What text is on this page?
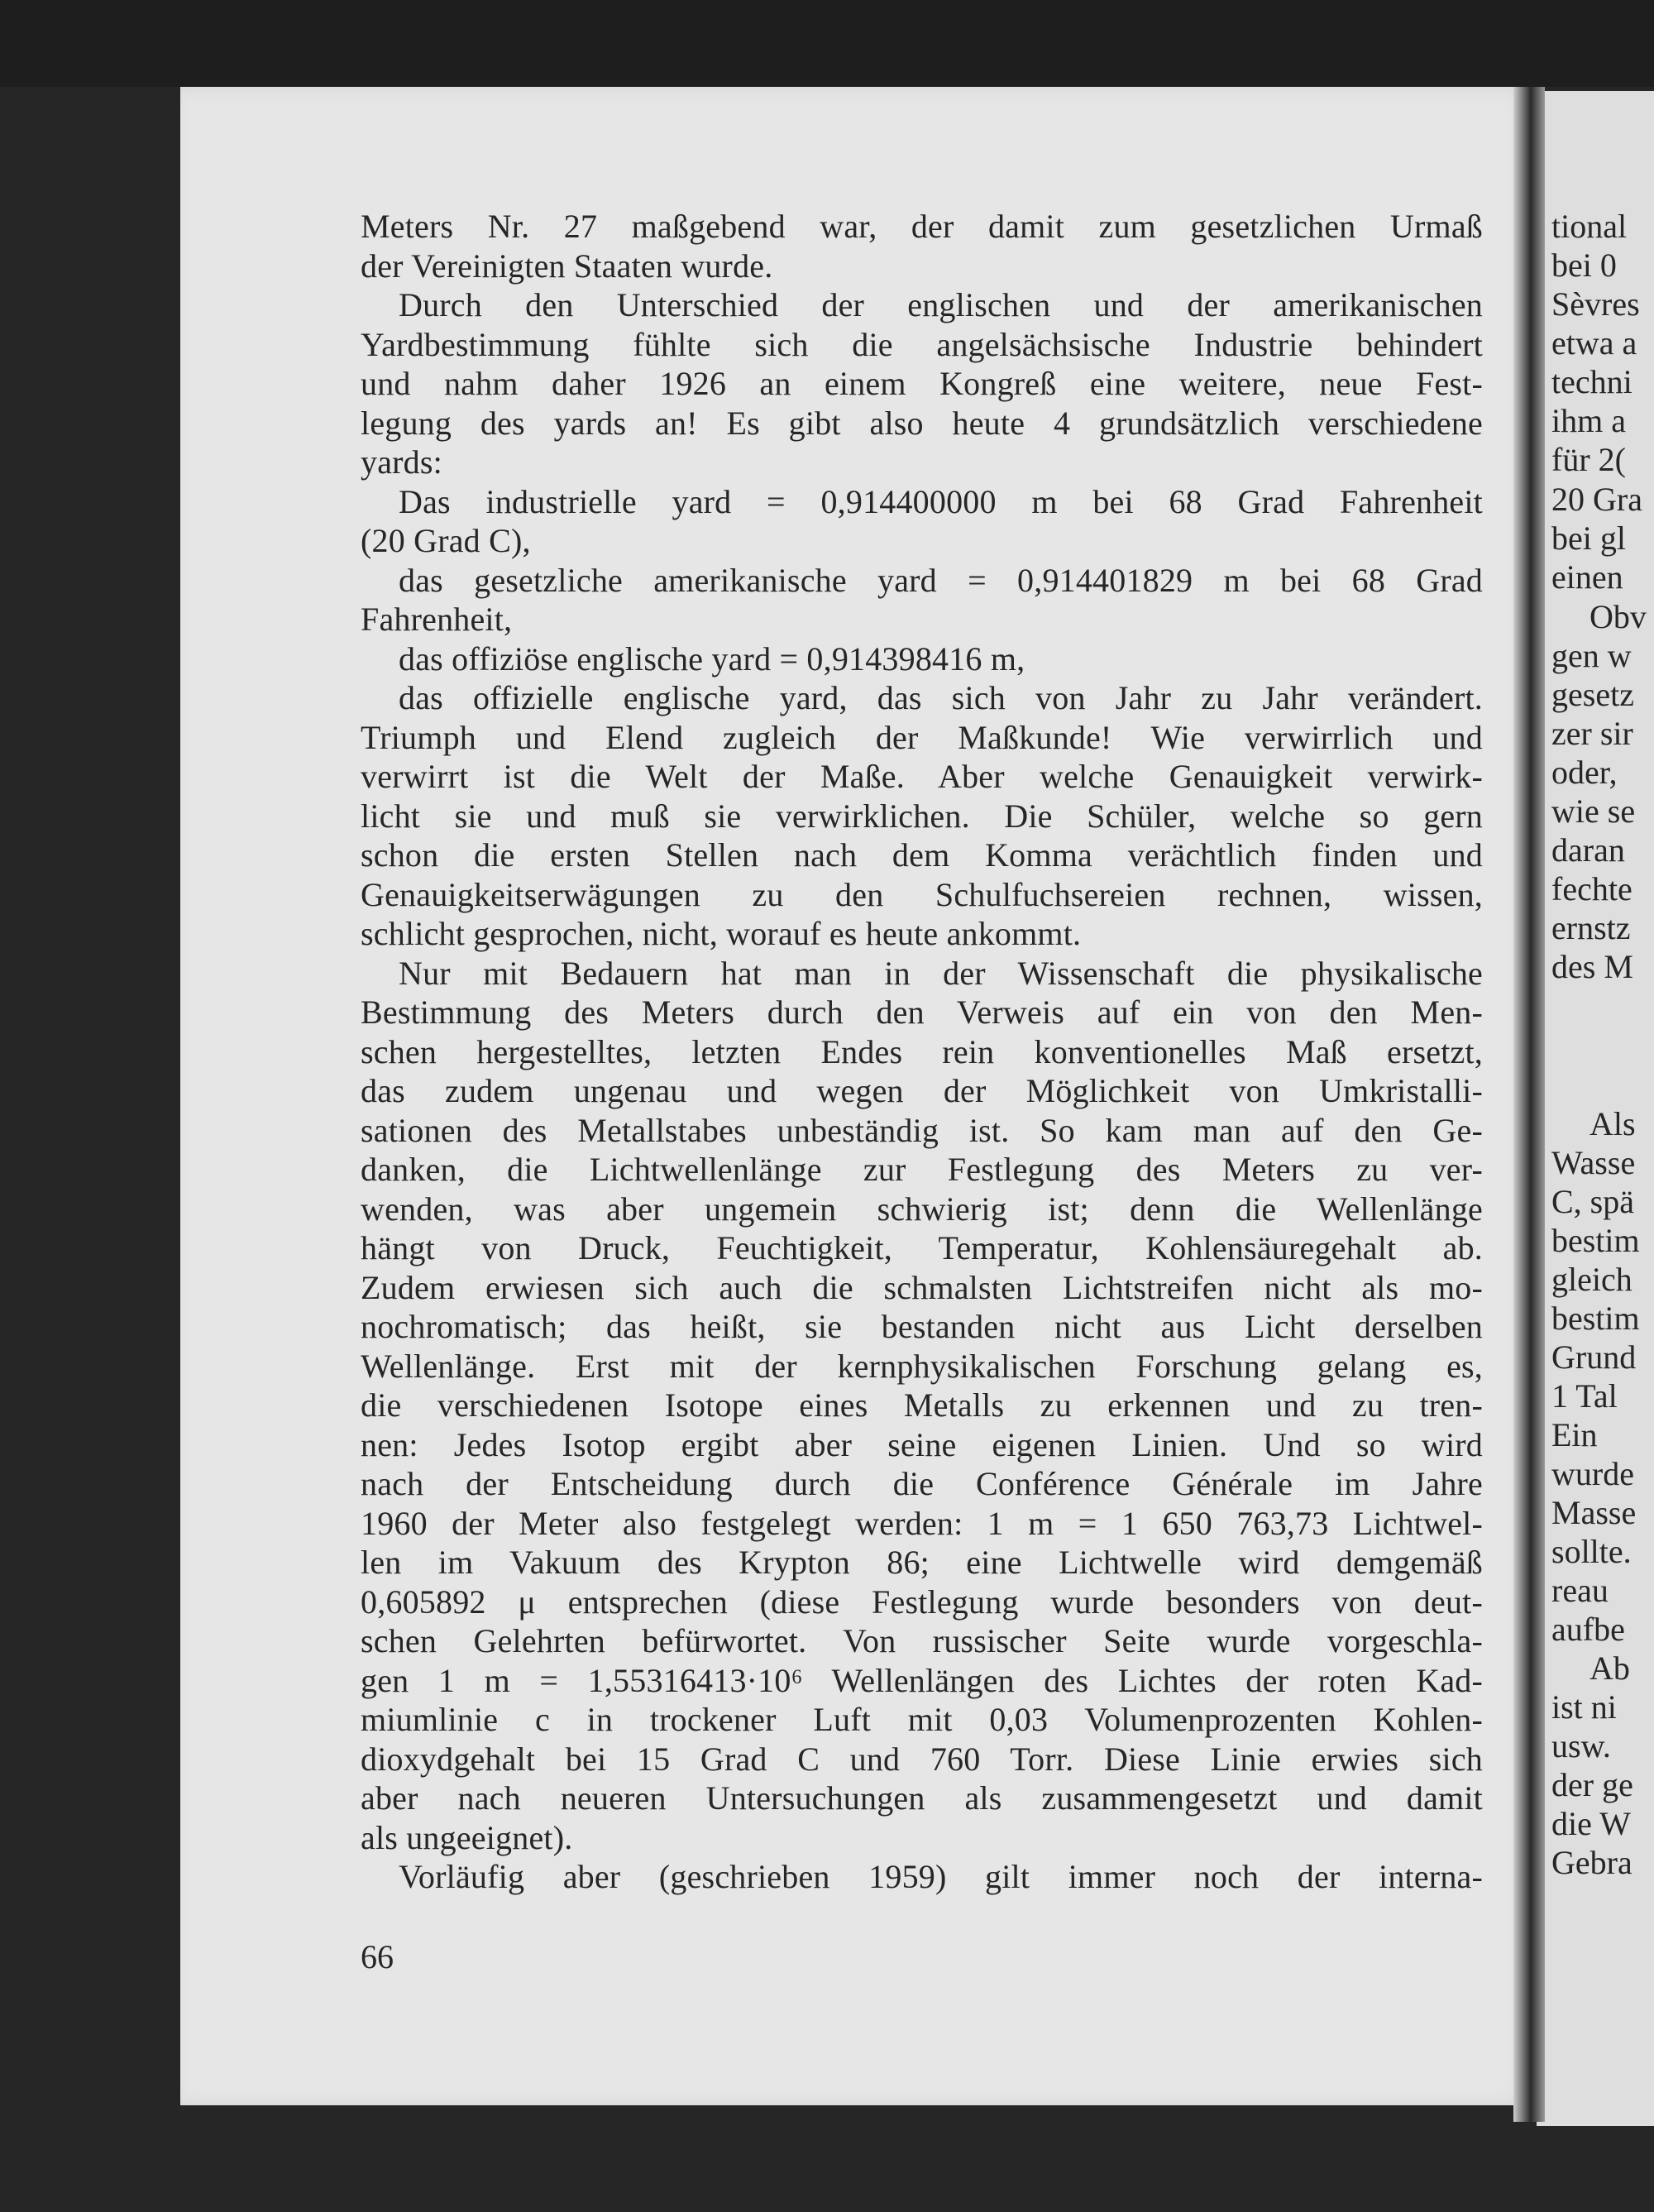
Meters Nr. 27 maßgebend war, der damit zum gesetzlichen Urmaß

der Vereinigten Staaten wurde.

Durch den Unterschied der englischen und der amerikanischen

Yardbestimmung fühlte sich die angelsächsische Industrie behindert

und nahm daher 1926 an einem Kongreß eine weitere, neue Fest-

legung des yards an! Es gibt also heute 4 grundsätzlich verschiedene

yards:

Das industrielle yard = 0,914400000 m bei 68 Grad Fahrenheit

(20 Grad C),

das gesetzliche amerikanische yard = 0,914401829 m bei 68 Grad

Fahrenheit,

das offiziöse englische yard = 0,914398416 m,

das offizielle englische yard, das sich von Jahr zu Jahr verändert.

Triumph und Elend zugleich der Maßkunde! Wie verwirrlich und

verwirrt ist die Welt der Maße. Aber welche Genauigkeit verwirk-

licht sie und muß sie verwirklichen. Die Schüler, welche so gern

schon die ersten Stellen nach dem Komma verächtlich finden und

Genauigkeitserwägungen zu den Schulfuchsereien rechnen, wissen,

schlicht gesprochen, nicht, worauf es heute ankommt.

Nur mit Bedauern hat man in der Wissenschaft die physikalische

Bestimmung des Meters durch den Verweis auf ein von den Men-

schen hergestelltes, letzten Endes rein konventionelles Maß ersetzt,

das zudem ungenau und wegen der Möglichkeit von Umkristalli-

sationen des Metallstabes unbeständig ist. So kam man auf den Ge-

danken, die Lichtwellenlänge zur Festlegung des Meters zu ver-

wenden, was aber ungemein schwierig ist; denn die Wellenlänge

hängt von Druck, Feuchtigkeit, Temperatur, Kohlensäuregehalt ab.

Zudem erwiesen sich auch die schmalsten Lichtstreifen nicht als mo-

nochromatisch; das heißt, sie bestanden nicht aus Licht derselben

Wellenlänge. Erst mit der kernphysikalischen Forschung gelang es,

die verschiedenen Isotope eines Metalls zu erkennen und zu tren-

nen: Jedes Isotop ergibt aber seine eigenen Linien. Und so wird

nach der Entscheidung durch die Conférence Générale im Jahre

1960 der Meter also festgelegt werden: 1 m = 1 650 763,73 Lichtwel-

len im Vakuum des Krypton 86; eine Lichtwelle wird demgemäß

0,605892 μ entsprechen (diese Festlegung wurde besonders von deut-

schen Gelehrten befürwortet. Von russischer Seite wurde vorgeschla-

gen 1 m = 1,55316413·10⁶ Wellenlängen des Lichtes der roten Kad-

miumlinie c in trockener Luft mit 0,03 Volumenprozenten Kohlen-

dioxydgehalt bei 15 Grad C und 760 Torr. Diese Linie erwies sich

aber nach neueren Untersuchungen als zusammengesetzt und damit

als ungeeignet).

Vorläufig aber (geschrieben 1959) gilt immer noch der interna-

66
tional
bei 0
Sèvres
etwa a
techni
ihm a
für 2(
20 Gra
bei gl
einen
Obv
gen w
gesetz
zer sir
oder,
wie se
daran
fechte
ernstz
des M
Als
Wasse
C, spä
bestim
gleich
bestim
Grund
1 Tal
Ein
wurde
Masse
sollte.
reau
aufbe
Ab
ist ni
usw.
der ge
die W
Gebra
